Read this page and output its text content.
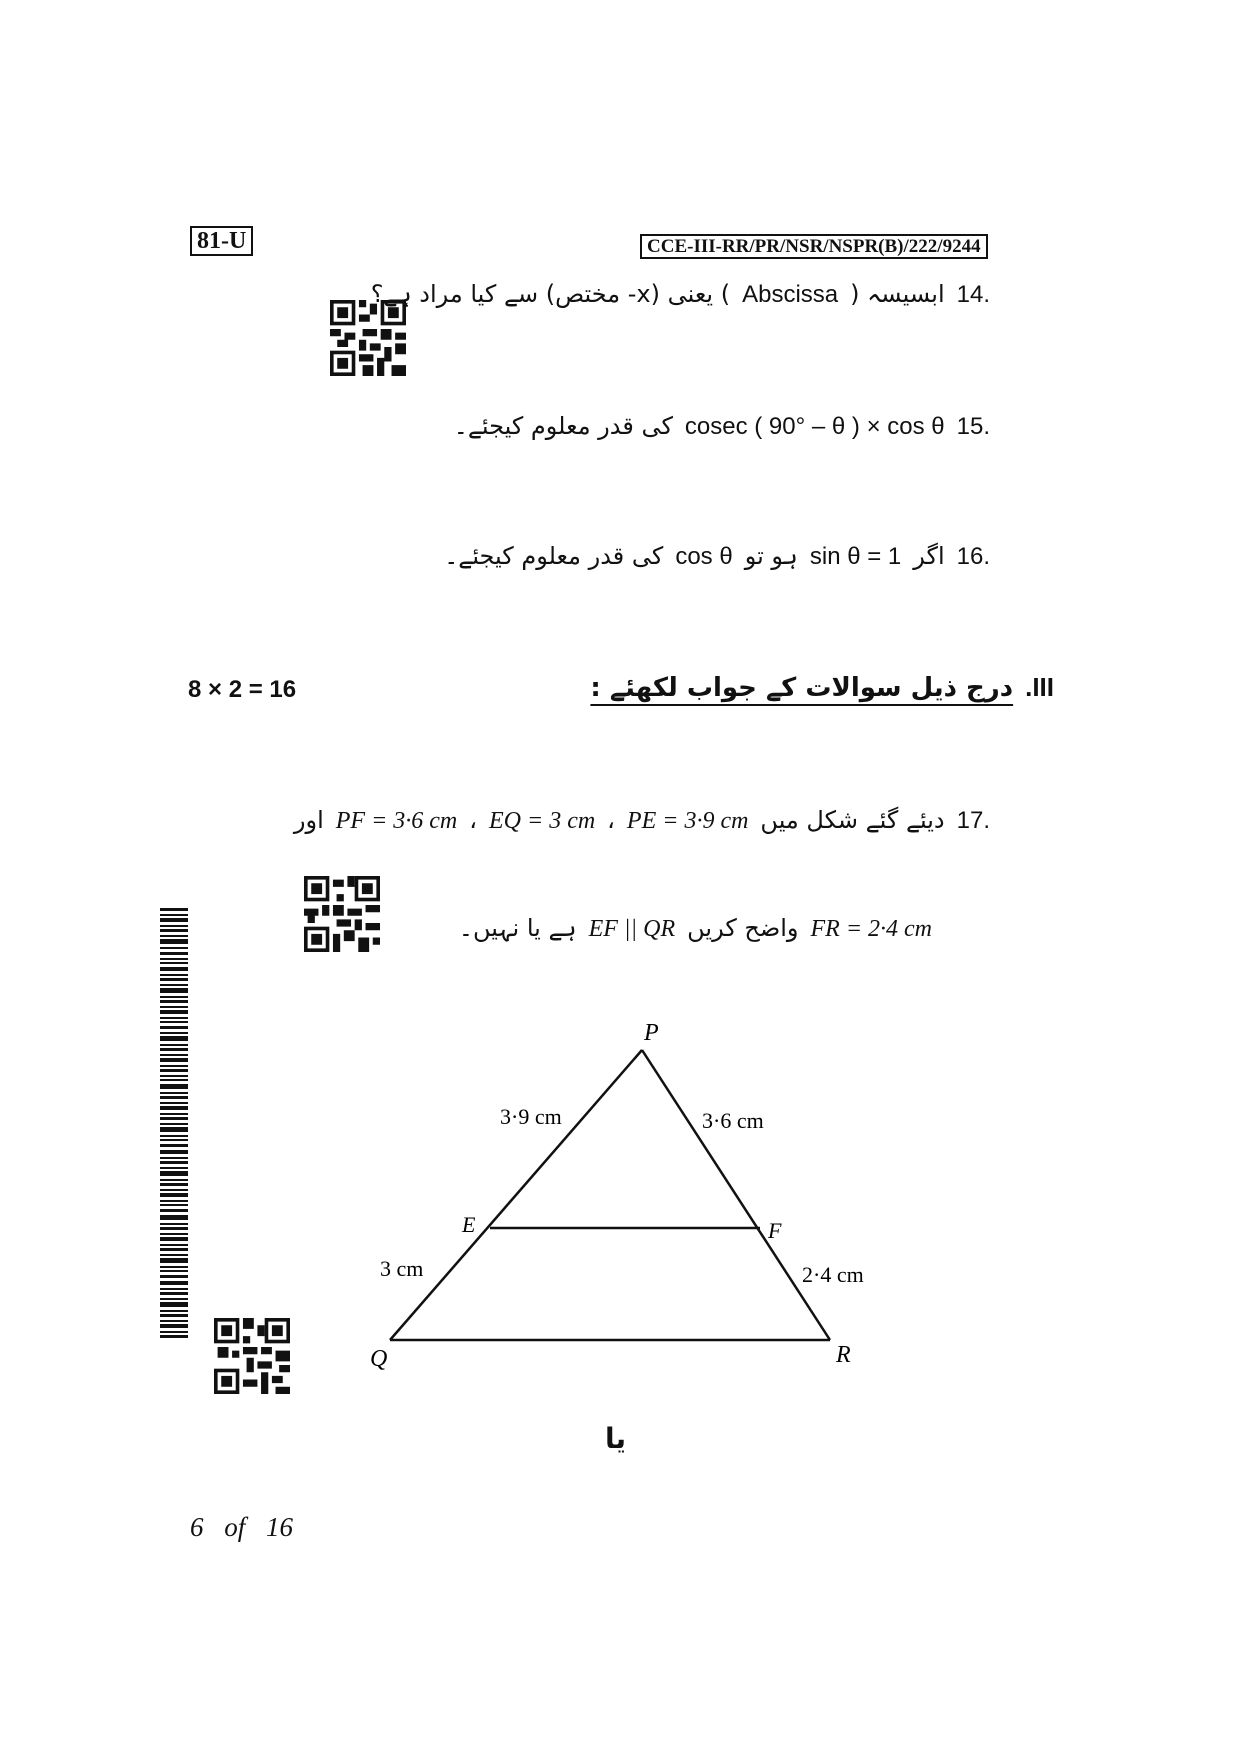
81-U	CCE-III-RR/PR/NSR/NSPR(B)/222/9244
.14
ابسیسہ (
Abscissa
) یعنی (x- مختص) سے کیا مراد ہے؟
.15
cosec ( 90° – θ ) × cos θ
کی قدر معلوم کیجئے۔
.16
اگر
sin θ = 1
ہو تو
cos θ
کی قدر معلوم کیجئے۔
8 × 2 = 16	III.
درج ذیل سوالات کے جواب لکھئے :
.17
دیئے گئے شکل میں
PE = 3·9 cm
،
EQ = 3 cm
،
PF = 3·6 cm
اور
FR = 2·4 cm
واضح کریں
EF || QR
ہے یا نہیں۔
P
Q	R
E	F
3·9 cm	3·6 cm
3 cm	2·4 cm
یا
6 of 16
